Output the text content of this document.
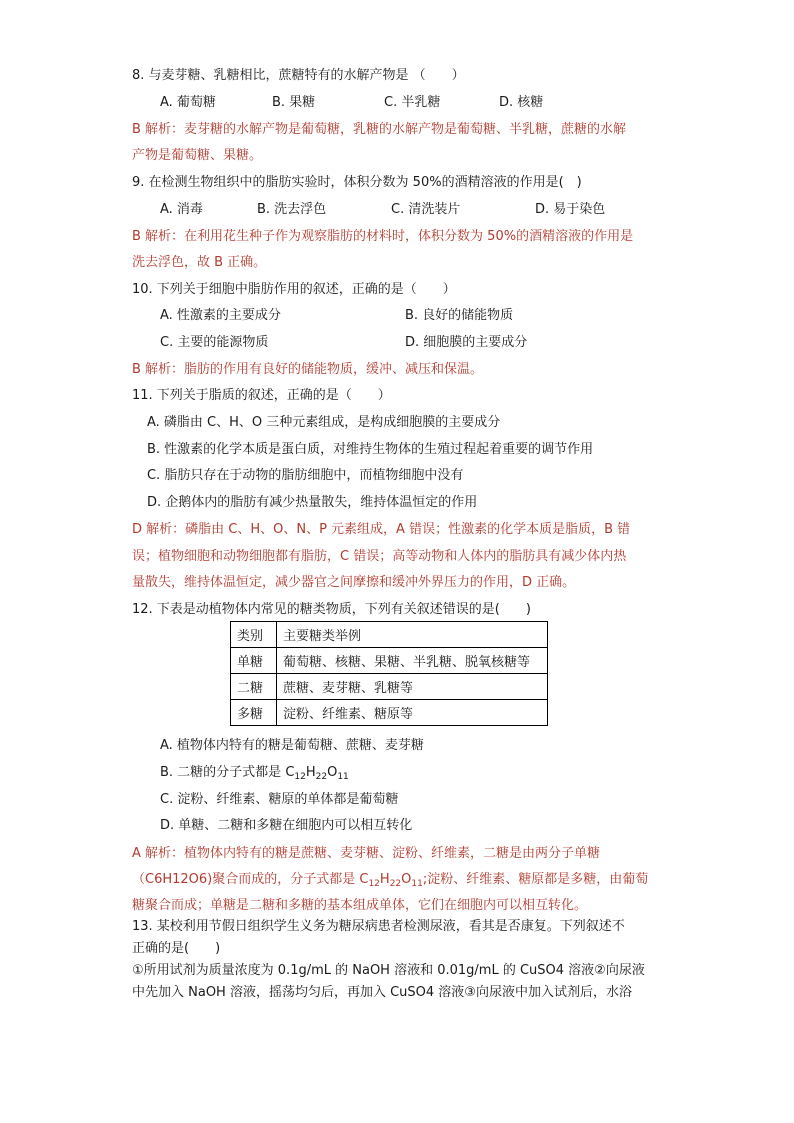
8. 与麦芽糖、乳糖相比，蔗糖特有的水解产物是 （　　）
A. 葡萄糖	B. 果糖	C. 半乳糖	D. 核糖
B 解析：麦芽糖的水解产物是葡萄糖，乳糖的水解产物是葡萄糖、半乳糖，蔗糖的水解
产物是葡萄糖、果糖。
9. 在检测生物组织中的脂肪实验时，体积分数为 50%的酒精溶液的作用是(　)
A. 消毒	B. 洗去浮色	C. 清洗装片	D. 易于染色
B 解析：在利用花生种子作为观察脂肪的材料时，体积分数为 50%的酒精溶液的作用是
洗去浮色，故 B 正确。
10. 下列关于细胞中脂肪作用的叙述，正确的是（　　）
A. 性激素的主要成分	B. 良好的储能物质
C. 主要的能源物质	D. 细胞膜的主要成分
B 解析：脂肪的作用有良好的储能物质，缓冲、减压和保温。
11. 下列关于脂质的叙述，正确的是（　　）
A. 磷脂由 C、H、O 三种元素组成，是构成细胞膜的主要成分
B. 性激素的化学本质是蛋白质，对维持生物体的生殖过程起着重要的调节作用
C. 脂肪只存在于动物的脂肪细胞中，而植物细胞中没有
D. 企鹅体内的脂肪有减少热量散失，维持体温恒定的作用
D 解析：磷脂由 C、H、O、N、P 元素组成，A 错误；性激素的化学本质是脂质，B 错
误；植物细胞和动物细胞都有脂肪，C 错误；高等动物和人体内的脂肪具有减少体内热
量散失，维持体温恒定，减少器官之间摩擦和缓冲外界压力的作用，D 正确。
12. 下表是动植物体内常见的糖类物质，下列有关叙述错误的是(　　)
类别	主要糖类举例
单糖	葡萄糖、核糖、果糖、半乳糖、脱氧核糖等
二糖	蔗糖、麦芽糖、乳糖等
多糖	淀粉、纤维素、糖原等
A. 植物体内特有的糖是葡萄糖、蔗糖、麦芽糖
B. 二糖的分子式都是 $C_{12}H_{22}O_{11}$
C. 淀粉、纤维素、糖原的单体都是葡萄糖
D. 单糖、二糖和多糖在细胞内可以相互转化
A 解析：植物体内特有的糖是蔗糖、麦芽糖、淀粉、纤维素，二糖是由两分子单糖
（C6H12O6)聚合而成的，分子式都是 $C_{12}H_{22}O_{11}$;淀粉、纤维素、糖原都是多糖，由葡萄
糖聚合而成；单糖是二糖和多糖的基本组成单体，它们在细胞内可以相互转化。
13. 某校利用节假日组织学生义务为糖尿病患者检测尿液，看其是否康复。下列叙述不
正确的是(　　)
①所用试剂为质量浓度为 0.1g/mL 的 NaOH 溶液和 0.01g/mL 的 CuSO4 溶液②向尿液
中先加入 NaOH 溶液，摇荡均匀后，再加入 CuSO4 溶液③向尿液中加入试剂后，水浴
